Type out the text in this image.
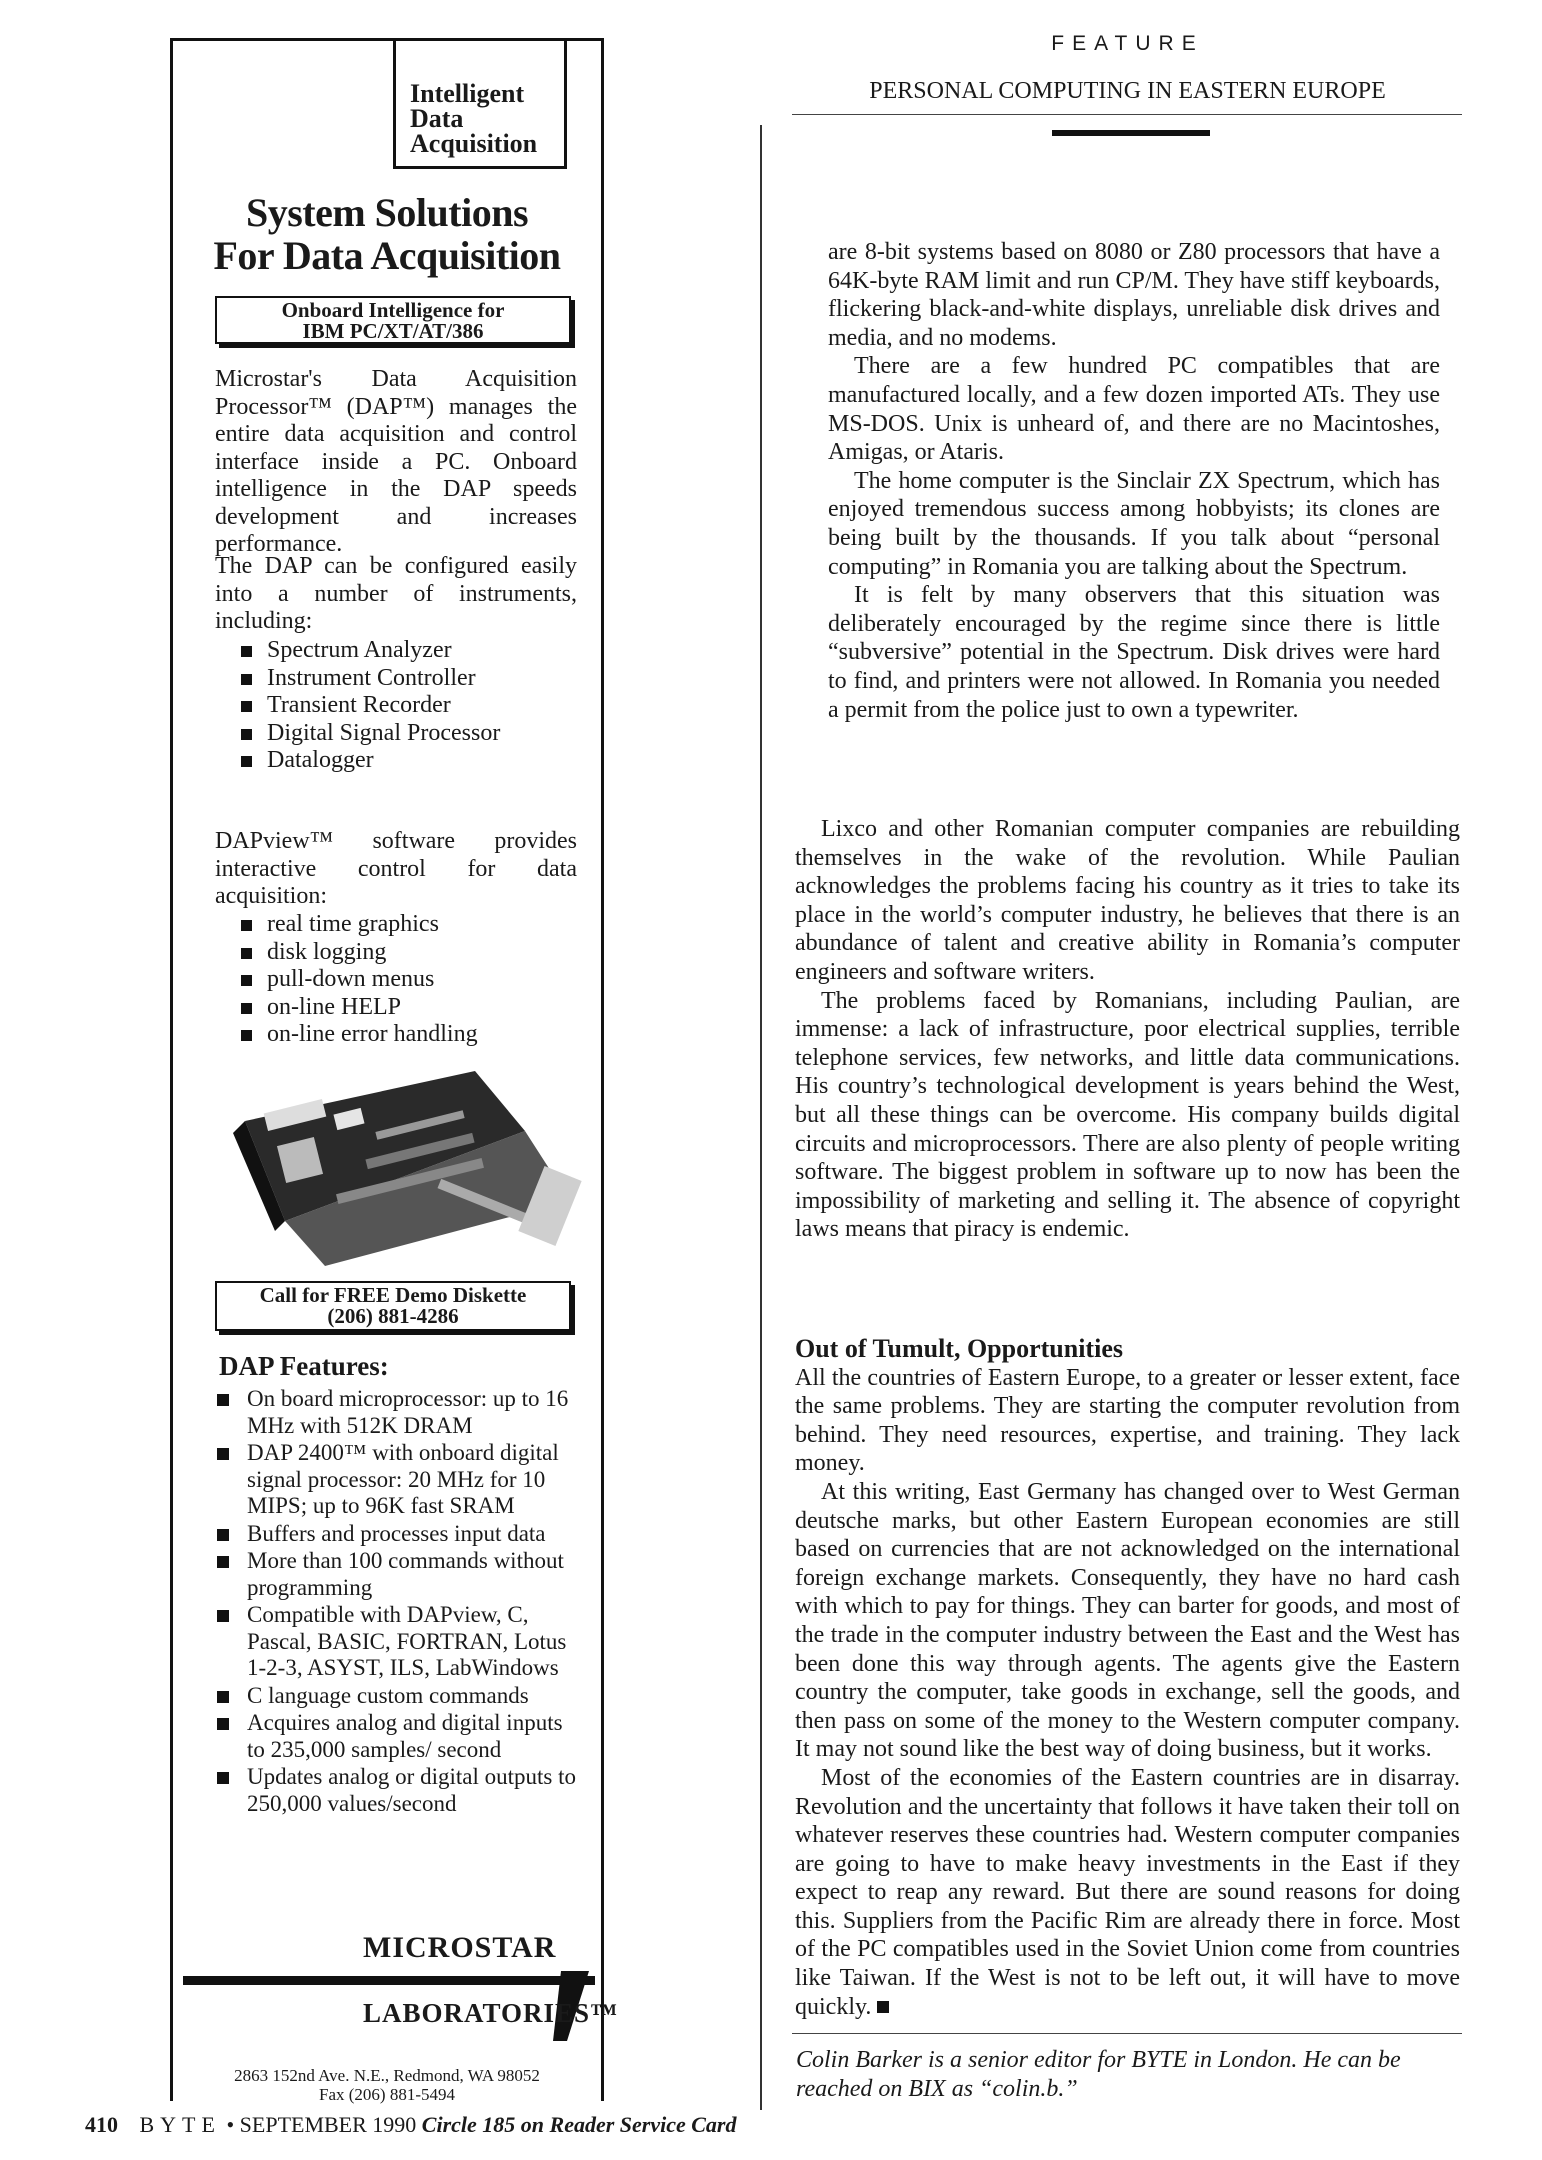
Intelligent
Data
Acquisition
System Solutions
For Data Acquisition
Onboard Intelligence for
IBM PC/XT/AT/386
Microstar's Data Acquisition Processor™ (DAP™) manages the entire data acquisition and control interface inside a PC. Onboard intelligence in the DAP speeds development and increases performance.
The DAP can be configured easily into a number of instruments, including:
Spectrum Analyzer
Instrument Controller
Transient Recorder
Digital Signal Processor
Datalogger
DAPview™ software provides interactive control for data acquisition:
real time graphics
disk logging
pull-down menus
on-line HELP
on-line error handling
Call for FREE Demo Diskette
(206) 881-4286
DAP Features:
On board microprocessor: up to 16 MHz with 512K DRAM
DAP 2400™ with onboard digital signal processor: 20 MHz for 10 MIPS; up to 96K fast SRAM
Buffers and processes input data
More than 100 commands without programming
Compatible with DAPview, C, Pascal, BASIC, FORTRAN, Lotus 1-2-3, ASYST, ILS, LabWindows
C language custom commands
Acquires analog and digital inputs to 235,000 samples/ second
Updates analog or digital outputs to 250,000 values/second
MICROSTAR
LABORATORIES™
2863 152nd Ave. N.E., Redmond, WA 98052
Fax (206) 881-5494
410 BYTE • SEPTEMBER 1990 Circle 185 on Reader Service Card
FEATURE
PERSONAL COMPUTING IN EASTERN EUROPE

are 8-bit systems based on 8080 or Z80 processors that have a 64K-byte RAM limit and run CP/M. They have stiff keyboards, flickering black-and-white displays, unreliable disk drives and media, and no modems.

There are a few hundred PC compatibles that are manufactured locally, and a few dozen imported ATs. They use MS-DOS. Unix is unheard of, and there are no Macintoshes, Amigas, or Ataris.

The home computer is the Sinclair ZX Spectrum, which has enjoyed tremendous success among hobbyists; its clones are being built by the thousands. If you talk about “personal computing” in Romania you are talking about the Spectrum.

It is felt by many observers that this situation was deliberately encouraged by the regime since there is little “subversive” potential in the Spectrum. Disk drives were hard to find, and printers were not allowed. In Romania you needed a permit from the police just to own a typewriter.

Lixco and other Romanian computer companies are rebuilding themselves in the wake of the revolution. While Paulian acknowledges the problems facing his country as it tries to take its place in the world’s computer industry, he believes that there is an abundance of talent and creative ability in Romania’s computer engineers and software writers.

The problems faced by Romanians, including Paulian, are immense: a lack of infrastructure, poor electrical supplies, terrible telephone services, few networks, and little data communications. His country’s technological development is years behind the West, but all these things can be overcome. His company builds digital circuits and microprocessors. There are also plenty of people writing software. The biggest problem in software up to now has been the impossibility of marketing and selling it. The absence of copyright laws means that piracy is endemic.

Out of Tumult, Opportunities

All the countries of Eastern Europe, to a greater or lesser extent, face the same problems. They are starting the computer revolution from behind. They need resources, expertise, and training. They lack money.

At this writing, East Germany has changed over to West German deutsche marks, but other Eastern European economies are still based on currencies that are not acknowledged on the international foreign exchange markets. Consequently, they have no hard cash with which to pay for things. They can barter for goods, and most of the trade in the computer industry between the East and the West has been done this way through agents. The agents give the Eastern country the computer, take goods in exchange, sell the goods, and then pass on some of the money to the Western computer company. It may not sound like the best way of doing business, but it works.

Most of the economies of the Eastern countries are in disarray. Revolution and the uncertainty that follows it have taken their toll on whatever reserves these countries had. Western computer companies are going to have to make heavy investments in the East if they expect to reap any reward. But there are sound reasons for doing this. Suppliers from the Pacific Rim are already there in force. Most of the PC compatibles used in the Soviet Union come from countries like Taiwan. If the West is not to be left out, it will have to move quickly.

Colin Barker is a senior editor for BYTE in London. He can be reached on BIX as “colin.b.”
